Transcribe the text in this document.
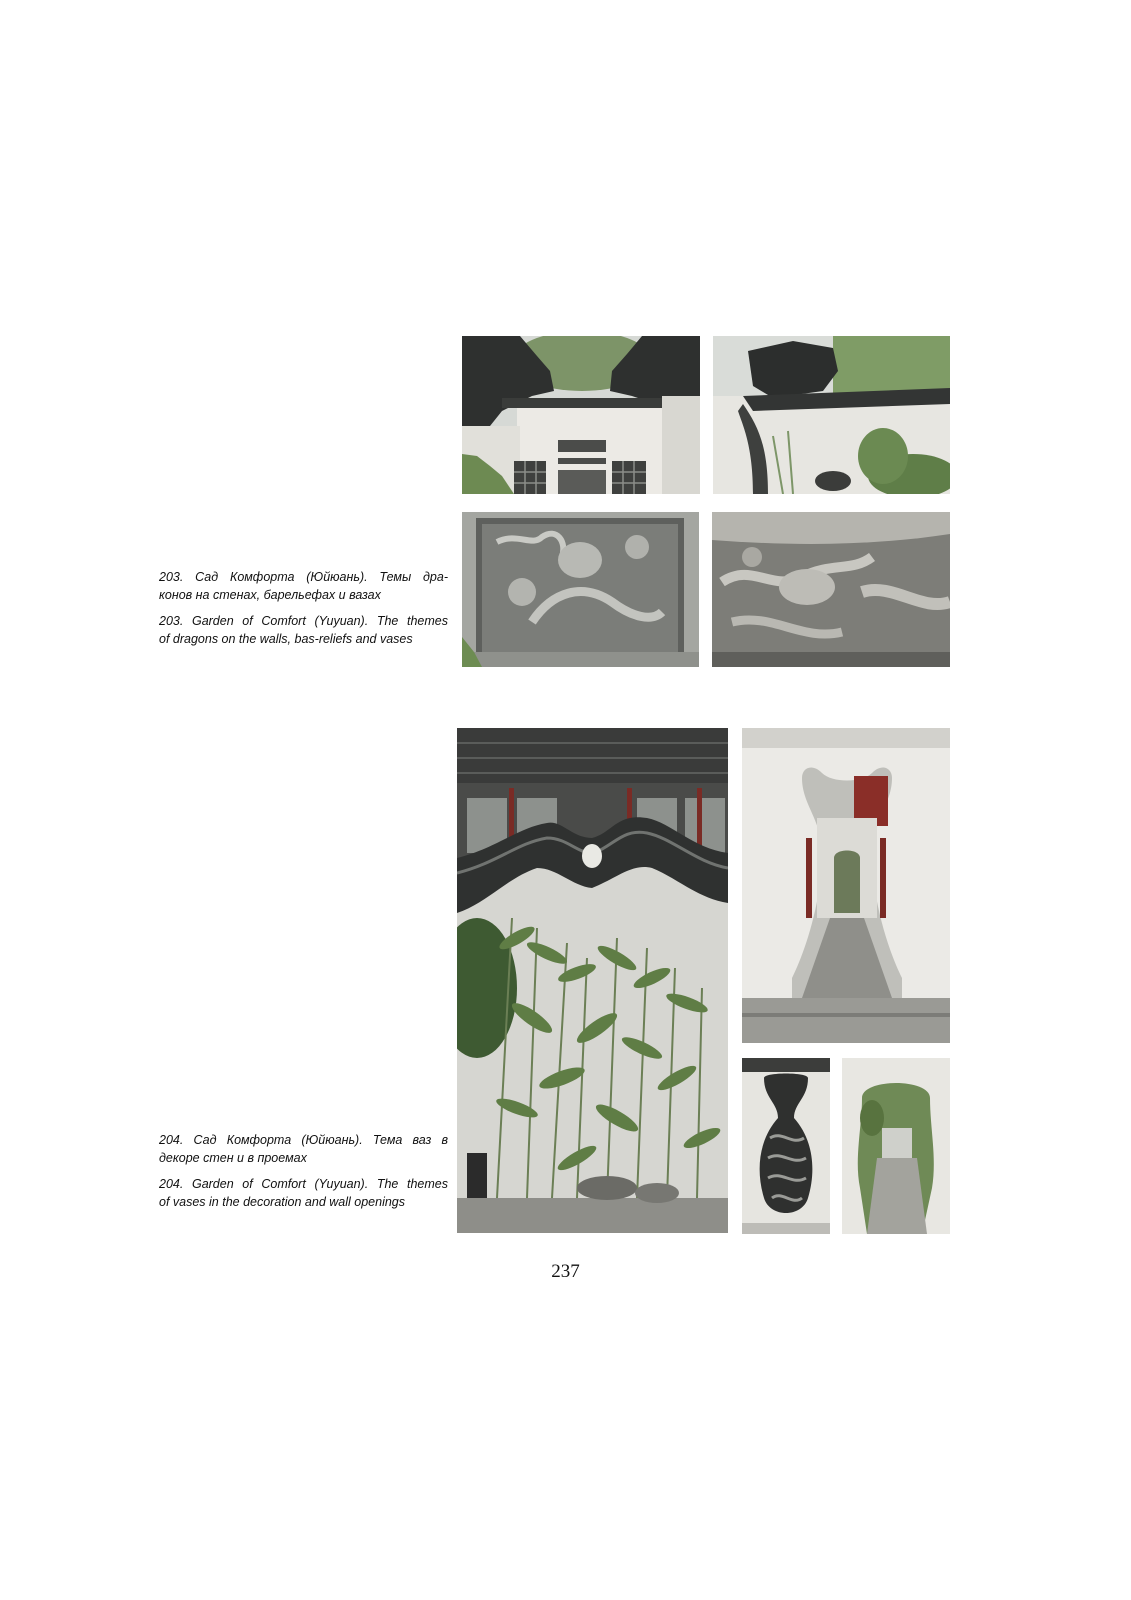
203. Сад Комфорта (Юйюань). Темы дра-
конов на стенах, барельефах и вазах
203. Garden of Comfort (Yuyuan). The themes
of dragons on the walls, bas-reliefs and vases
204. Сад Комфорта (Юйюань). Тема ваз в
декоре стен и в проемах
204. Garden of Comfort (Yuyuan). The themes
of vases in the decoration and wall openings
237
